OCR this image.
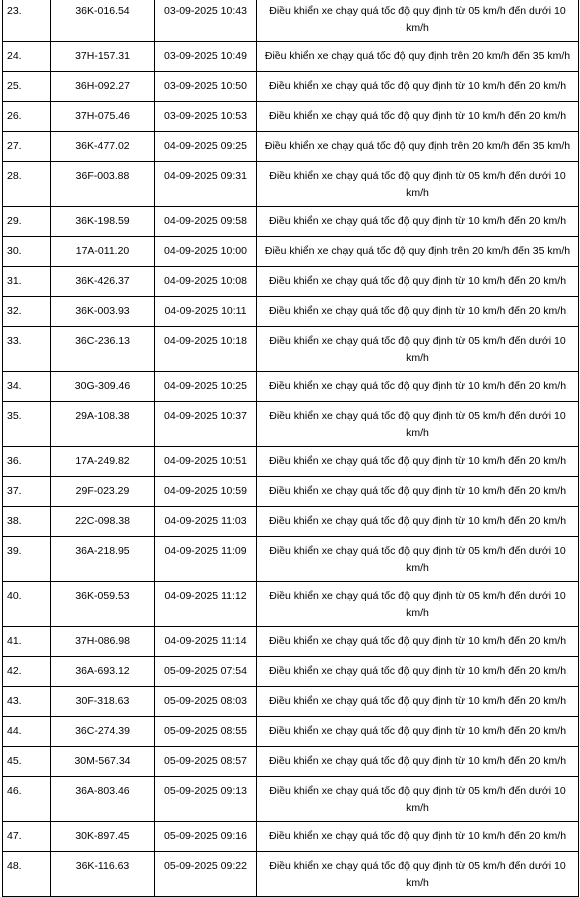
23.	36K-016.54	03-09-2025 10:43	Điều khiển xe chạy quá tốc độ quy định từ 05 km/h đến dưới 10 km/h
24.	37H-157.31	03-09-2025 10:49	Điều khiển xe chạy quá tốc độ quy định trên 20 km/h đến 35 km/h
25.	36H-092.27	03-09-2025 10:50	Điều khiển xe chạy quá tốc độ quy định từ 10 km/h đến 20 km/h
26.	37H-075.46	03-09-2025 10:53	Điều khiển xe chạy quá tốc độ quy định từ 10 km/h đến 20 km/h
27.	36K-477.02	04-09-2025 09:25	Điều khiển xe chạy quá tốc độ quy định trên 20 km/h đến 35 km/h
28.	36F-003.88	04-09-2025 09:31	Điều khiển xe chạy quá tốc độ quy định từ 05 km/h đến dưới 10 km/h
29.	36K-198.59	04-09-2025 09:58	Điều khiển xe chạy quá tốc độ quy định từ 10 km/h đến 20 km/h
30.	17A-011.20	04-09-2025 10:00	Điều khiển xe chạy quá tốc độ quy định trên 20 km/h đến 35 km/h
31.	36K-426.37	04-09-2025 10:08	Điều khiển xe chạy quá tốc độ quy định từ 10 km/h đến 20 km/h
32.	36K-003.93	04-09-2025 10:11	Điều khiển xe chạy quá tốc độ quy định từ 10 km/h đến 20 km/h
33.	36C-236.13	04-09-2025 10:18	Điều khiển xe chạy quá tốc độ quy định từ 05 km/h đến dưới 10 km/h
34.	30G-309.46	04-09-2025 10:25	Điều khiển xe chạy quá tốc độ quy định từ 10 km/h đến 20 km/h
35.	29A-108.38	04-09-2025 10:37	Điều khiển xe chạy quá tốc độ quy định từ 05 km/h đến dưới 10 km/h
36.	17A-249.82	04-09-2025 10:51	Điều khiển xe chạy quá tốc độ quy định từ 10 km/h đến 20 km/h
37.	29F-023.29	04-09-2025 10:59	Điều khiển xe chạy quá tốc độ quy định từ 10 km/h đến 20 km/h
38.	22C-098.38	04-09-2025 11:03	Điều khiển xe chạy quá tốc độ quy định từ 10 km/h đến 20 km/h
39.	36A-218.95	04-09-2025 11:09	Điều khiển xe chạy quá tốc độ quy định từ 05 km/h đến dưới 10 km/h
40.	36K-059.53	04-09-2025 11:12	Điều khiển xe chạy quá tốc độ quy định từ 05 km/h đến dưới 10 km/h
41.	37H-086.98	04-09-2025 11:14	Điều khiển xe chạy quá tốc độ quy định từ 10 km/h đến 20 km/h
42.	36A-693.12	05-09-2025 07:54	Điều khiển xe chạy quá tốc độ quy định từ 10 km/h đến 20 km/h
43.	30F-318.63	05-09-2025 08:03	Điều khiển xe chạy quá tốc độ quy định từ 10 km/h đến 20 km/h
44.	36C-274.39	05-09-2025 08:55	Điều khiển xe chạy quá tốc độ quy định từ 10 km/h đến 20 km/h
45.	30M-567.34	05-09-2025 08:57	Điều khiển xe chạy quá tốc độ quy định từ 10 km/h đến 20 km/h
46.	36A-803.46	05-09-2025 09:13	Điều khiển xe chạy quá tốc độ quy định từ 05 km/h đến dưới 10 km/h
47.	30K-897.45	05-09-2025 09:16	Điều khiển xe chạy quá tốc độ quy định từ 10 km/h đến 20 km/h
48.	36K-116.63	05-09-2025 09:22	Điều khiển xe chạy quá tốc độ quy định từ 05 km/h đến dưới 10 km/h
